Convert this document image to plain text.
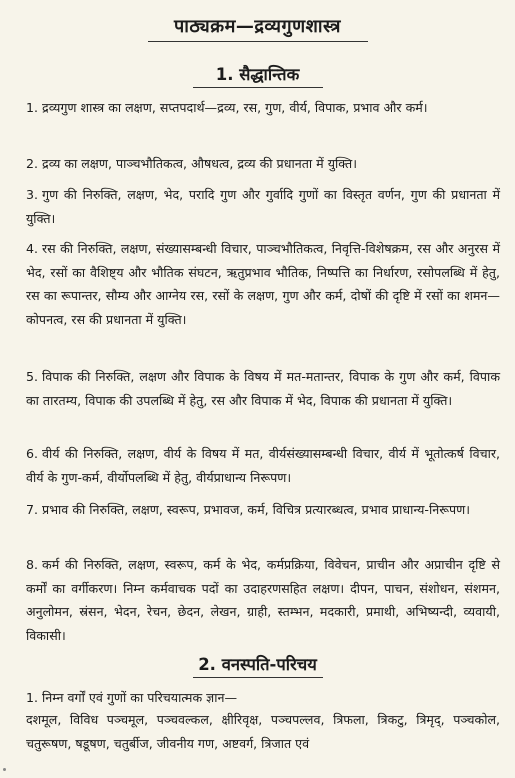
पाठ्यक्रम—द्रव्यगुणशास्त्र
1. सैद्धान्तिक
1. द्रव्यगुण शास्त्र का लक्षण, सप्तपदार्थ—द्रव्य, रस, गुण, वीर्य, विपाक, प्रभाव और कर्म।
2. द्रव्य का लक्षण, पाञ्चभौतिकत्व, औषधत्व, द्रव्य की प्रधानता में युक्ति।
3. गुण की निरुक्ति, लक्षण, भेद, परादि गुण और गुर्वादि गुणों का विस्तृत वर्णन, गुण की प्रधानता में युक्ति।
4. रस की निरुक्ति, लक्षण, संख्यासम्बन्धी विचार, पाञ्चभौतिकत्व, निवृत्ति-विशेषक्रम, रस और अनुरस में भेद, रसों का वैशिष्ट्य और भौतिक संघटन, ऋतुप्रभाव भौतिक, निष्पत्ति का निर्धारण, रसोपलब्धि में हेतु, रस का रूपान्तर, सौम्य और आग्नेय रस, रसों के लक्षण, गुण और कर्म, दोषों की दृष्टि में रसों का शमन—कोपनत्व, रस की प्रधानता में युक्ति।
5. विपाक की निरुक्ति, लक्षण और विपाक के विषय में मत-मतान्तर, विपाक के गुण और कर्म, विपाक का तारतम्य, विपाक की उपलब्धि में हेतु, रस और विपाक में भेद, विपाक की प्रधानता में युक्ति।
6. वीर्य की निरुक्ति, लक्षण, वीर्य के विषय में मत, वीर्यसंख्यासम्बन्धी विचार, वीर्य में भूतोत्कर्ष विचार, वीर्य के गुण-कर्म, वीर्योपलब्धि में हेतु, वीर्यप्राधान्य निरूपण।
7. प्रभाव की निरुक्ति, लक्षण, स्वरूप, प्रभावज, कर्म, विचित्र प्रत्यारब्धत्व, प्रभाव प्राधान्य-निरूपण।
8. कर्म की निरुक्ति, लक्षण, स्वरूप, कर्म के भेद, कर्मप्रक्रिया, विवेचन, प्राचीन और अप्राचीन दृष्टि से कर्मों का वर्गीकरण। निम्न कर्मवाचक पदों का उदाहरणसहित लक्षण। दीपन, पाचन, संशोधन, संशमन, अनुलोमन, स्रंसन, भेदन, रेचन, छेदन, लेखन, ग्राही, स्तम्भन, मदकारी, प्रमाथी, अभिष्यन्दी, व्यवायी, विकासी।
2. वनस्पति-परिचय
1. निम्न वर्गों एवं गुणों का परिचयात्मक ज्ञान—
दशमूल, विविध पञ्चमूल, पञ्चवल्कल, क्षीरिवृक्ष, पञ्चपल्लव, त्रिफला, त्रिकटु, त्रिमृद्, पञ्चकोल, चतुरूषण, षडूषण, चतुर्बीज, जीवनीय गण, अष्टवर्ग, त्रिजात एवं
